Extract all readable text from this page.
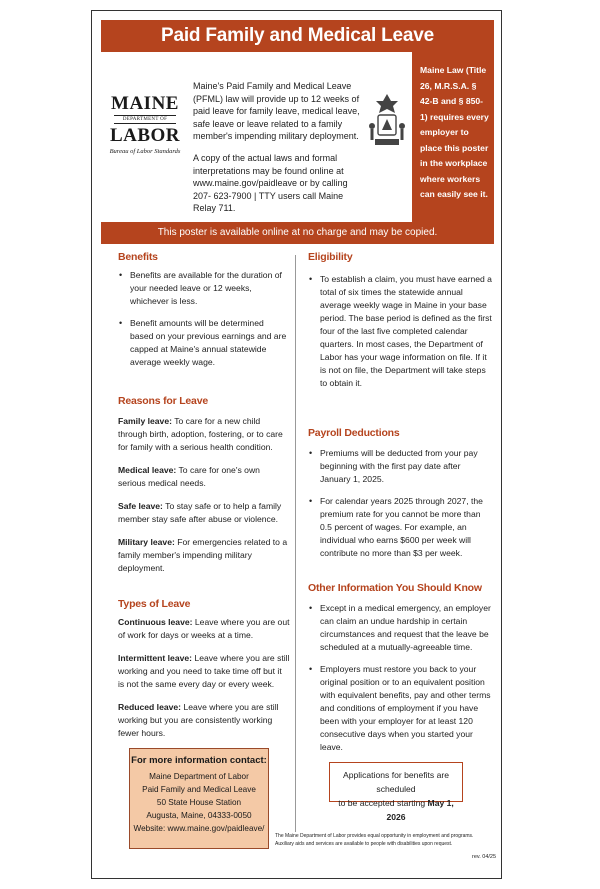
Paid Family and Medical Leave
MAINE
DEPARTMENT OF
LABOR
Bureau of Labor Standards

Maine's Paid Family and Medical Leave (PFML) law will provide up to 12 weeks of paid leave for family leave, medical leave, safe leave or leave related to a family member's impending military deployment.

A copy of the actual laws and formal interpretations may be found online at www.maine.gov/paidleave or by calling 207- 623-7900 | TTY users call Maine Relay 711.

Maine Law (Title 26, M.R.S.A. § 42-B and § 850-1) requires every employer to place this poster in the workplace where workers can easily see it.
This poster is available online at no charge and may be copied.
Benefits
• Benefits are available for the duration of your needed leave or 12 weeks, whichever is less.
• Benefit amounts will be determined based on your previous earnings and are capped at Maine's annual statewide average weekly wage.
Reasons for Leave

Family leave: To care for a new child through birth, adoption, fostering, or to care for family with a serious health condition.

Medical leave: To care for one's own serious medical needs.

Safe leave: To stay safe or to help a family member stay safe after abuse or violence.

Military leave: For emergencies related to a family member's impending military deployment.

Types of Leave

Continuous leave: Leave where you are out of work for days or weeks at a time.

Intermittent leave: Leave where you are still working and you need to take time off but it is not the same every day or every week.

Reduced leave: Leave where you are still working but you are consistently working fewer hours.

For more information contact:
Maine Department of Labor
Paid Family and Medical Leave
50 State House Station
Augusta, Maine, 04333-0050
Website: www.maine.gov/paidleave/
Eligibility
• To establish a claim, you must have earned a total of six times the statewide annual average weekly wage in Maine in your base period. The base period is defined as the first four of the last five completed calendar quarters. In most cases, the Department of Labor has your wage information on file. If it is not on file, the Department will take steps to obtain it.
Payroll Deductions
• Premiums will be deducted from your pay beginning with the first pay date after January 1, 2025.
• For calendar years 2025 through 2027, the premium rate for you cannot be more than 0.5 percent of wages. For example, an individual who earns $600 per week will contribute no more than $3 per week.
Other Information You Should Know
• Except in a medical emergency, an employer can claim an undue hardship in certain circumstances and request that the leave be scheduled at a mutually-agreeable time.
• Employers must restore you back to your original position or to an equivalent position with equivalent benefits, pay and other terms and conditions of employment if you have been with your employer for at least 120 consecutive days when you started your leave.
Applications for benefits are scheduled
to be accepted starting May 1, 2026
The Maine Department of Labor provides equal opportunity in employment and programs.
Auxiliary aids and services are available to people with disabilities upon request.
rev. 04/25
